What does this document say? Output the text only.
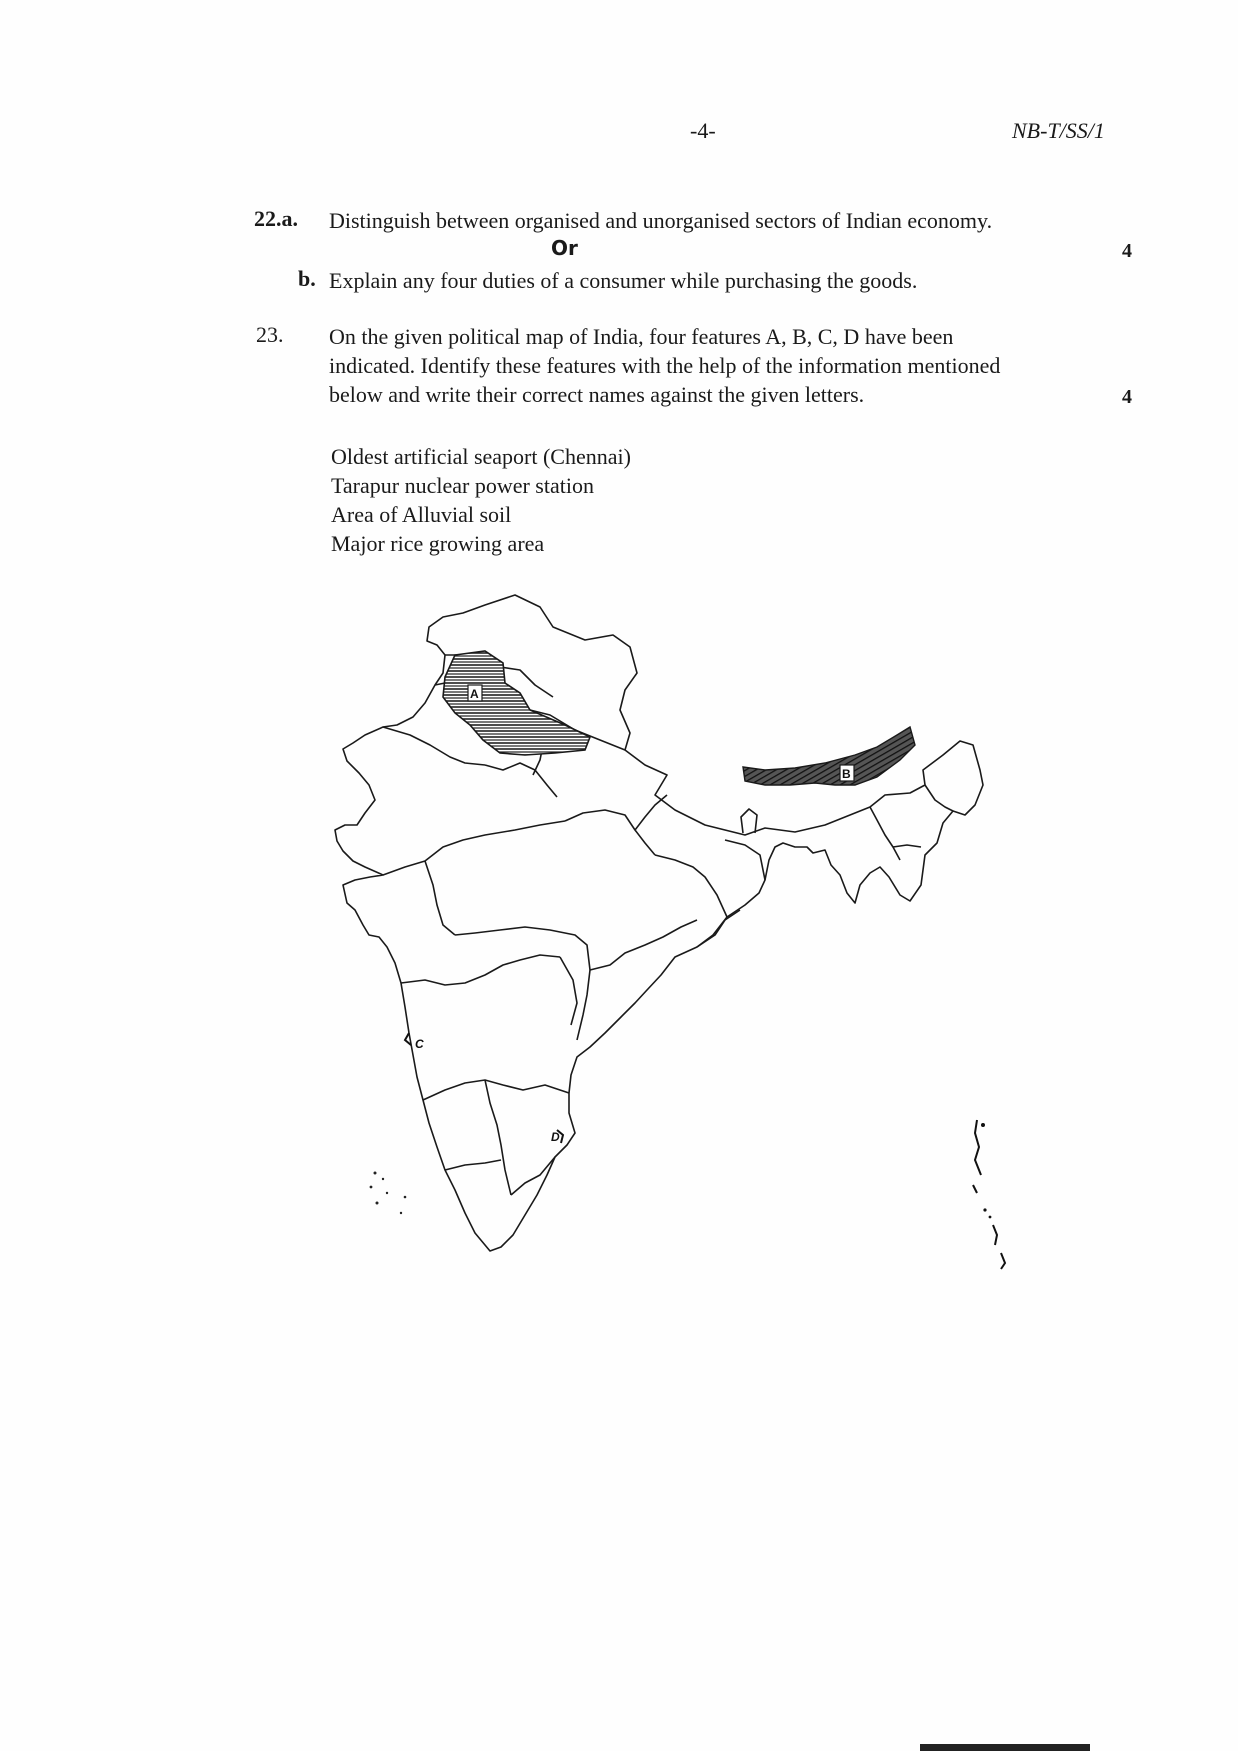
-4-	NB-T/SS/1
22.a. Distinguish between organised and unorganised sectors of Indian economy.
Or	4
b. Explain any four duties of a consumer while purchasing the goods.
23. On the given political map of India, four features A, B, C, D have been
indicated. Identify these features with the help of the information mentioned
below and write their correct names against the given letters.	4
Oldest artificial seaport (Chennai)
Tarapur nuclear power station
Area of Alluvial soil
Major rice growing area
A
B
C
D
